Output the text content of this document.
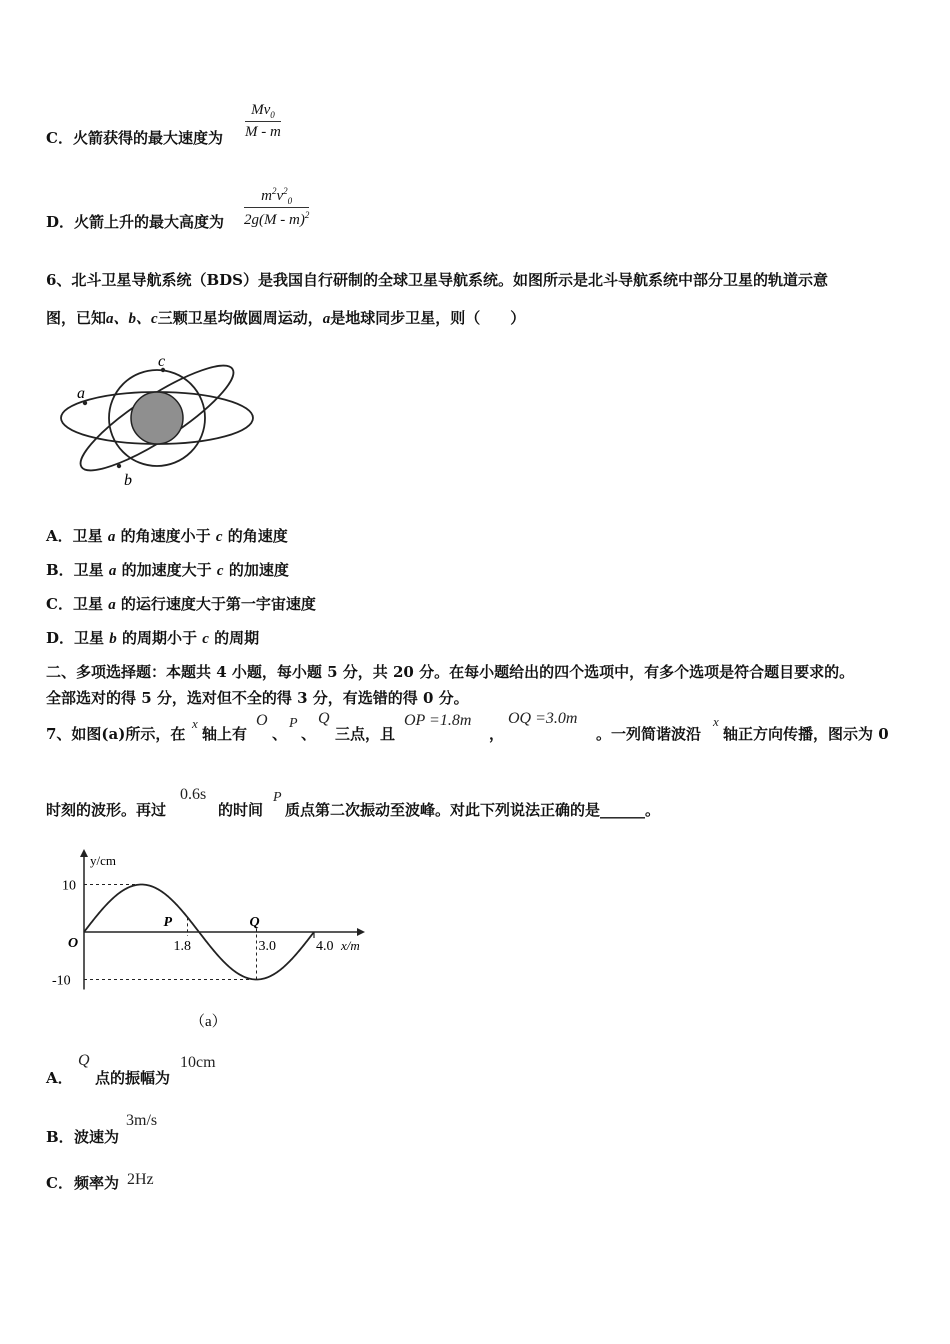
C．火箭获得的最大速度为
$Mv_0$
M - m
D．火箭上升的最大高度为
$m^2v^2_0$
2g(M - m)$^2$
6、北斗卫星导航系统（BDS）是我国自行研制的全球卫星导航系统。如图所示是北斗导航系统中部分卫星的轨道示意
图，已知a、b、c三颗卫星均做圆周运动，a是地球同步卫星，则（　　）
a
c
b
A．卫星 a 的角速度小于 c 的角速度
B．卫星 a 的加速度大于 c 的加速度
C．卫星 a 的运行速度大于第一宇宙速度
D．卫星 b 的周期小于 c 的周期
二、多项选择题：本题共 4 小题，每小题 5 分，共 20 分。在每小题给出的四个选项中，有多个选项是符合题目要求的。
全部选对的得 5 分，选对但不全的得 3 分，有选错的得 0 分。
7、如图(a)所示，在
x
轴上有
O
、
P
、
Q
三点，且
OP =1.8m
，
OQ =3.0m
。一列简谐波沿
x
轴正方向传播，图示为 0
时刻的波形。再过
0.6s
的时间
P
质点第二次振动至波峰。对此下列说法正确的是______。
y/cm
x/m
10
-10
O	1.8	3.0	4.0
P	Q
（a）
A．
Q
点的振幅为
10cm
B． 波速为
3m/s
C． 频率为 2Hz
